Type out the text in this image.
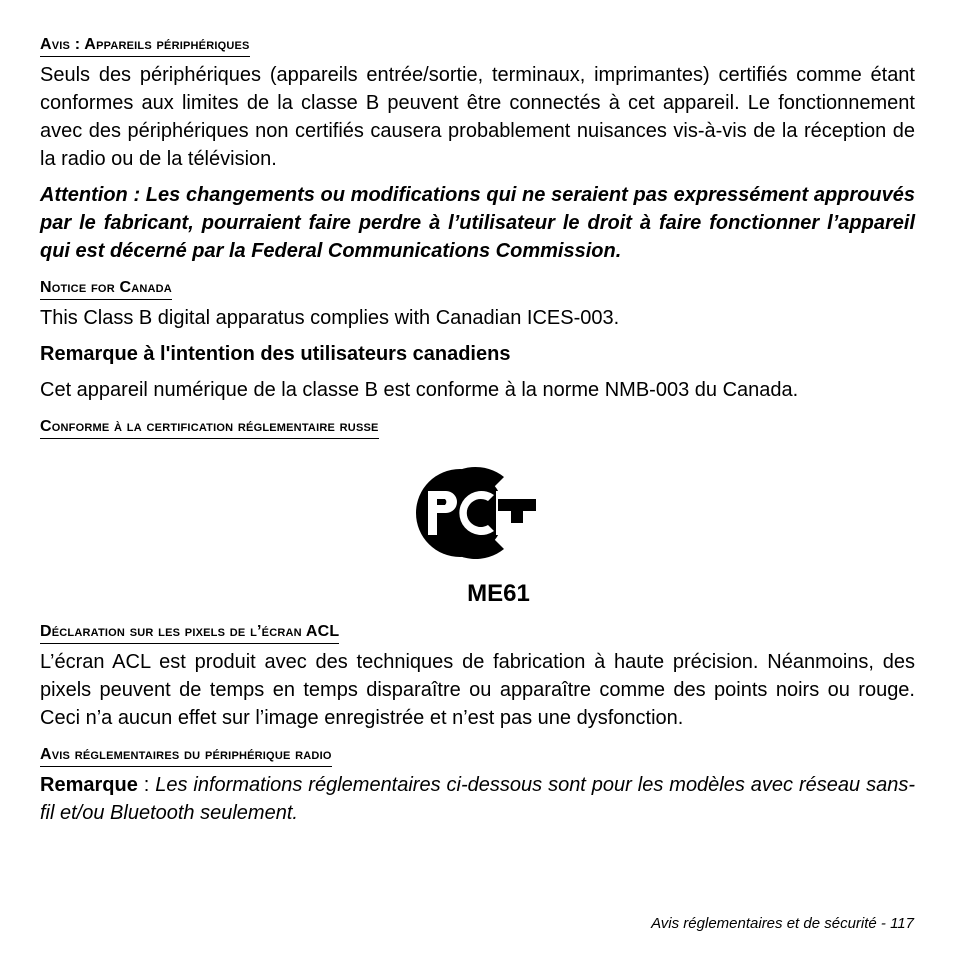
Avis : Appareils périphériques

Seuls des périphériques (appareils entrée/sortie, terminaux, imprimantes) certifiés comme étant conformes aux limites de la classe B peuvent être connectés à cet appareil. Le fonctionnement avec des périphériques non certifiés causera probablement nuisances vis-à-vis de la réception de la radio ou de la télévision.

Attention : Les changements ou modifications qui ne seraient pas expressément approuvés par le fabricant, pourraient faire perdre à l’utilisateur le droit à faire fonctionner l’appareil qui est décerné par la Federal Communications Commission.

Notice for Canada

This Class B digital apparatus complies with Canadian ICES-003.

Remarque à l'intention des utilisateurs canadiens

Cet appareil numérique de la classe B est conforme à la norme NMB-003 du Canada.

Conforme à la certification réglementaire russe
ME61
Déclaration sur les pixels de l’écran ACL

L’écran ACL est produit avec des techniques de fabrication à haute précision. Néanmoins, des pixels peuvent de temps en temps disparaître ou apparaître comme des points noirs ou rouge. Ceci n’a aucun effet sur l’image enregistrée et n’est pas une dysfonction.

Avis réglementaires du périphérique radio

Remarque : Les informations réglementaires ci-dessous sont pour les modèles avec réseau sans-fil et/ou Bluetooth seulement.

Avis réglementaires et de sécurité - 117
